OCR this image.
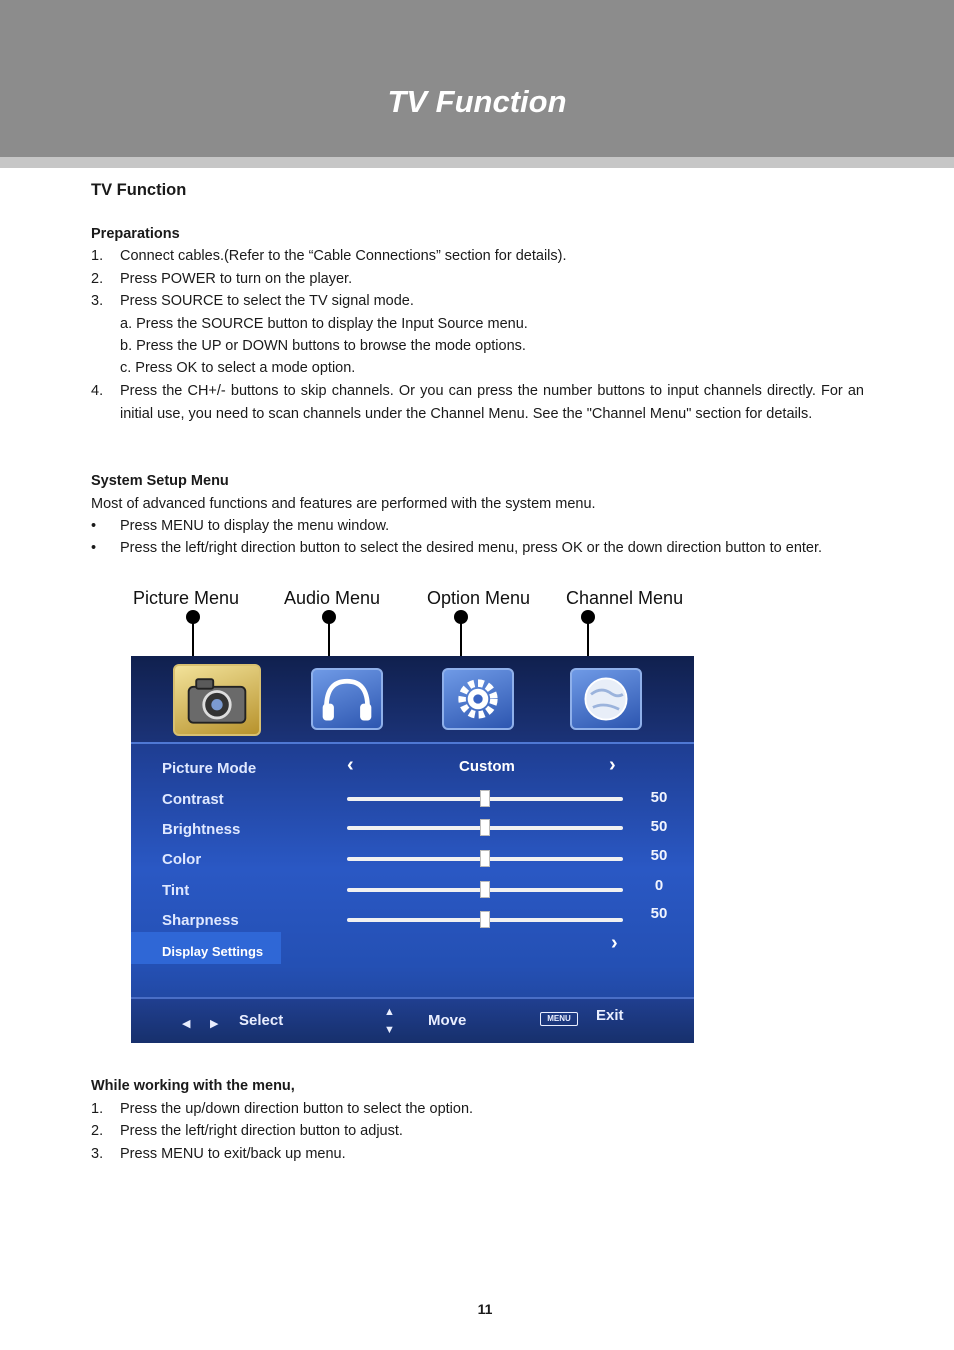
TV Function
TV Function
Preparations
1. Connect cables.(Refer to the “Cable Connections” section for details).
2. Press POWER to turn on the player.
3. Press SOURCE to select the TV signal mode.
a. Press the SOURCE button to display the Input Source menu.
b. Press the UP or DOWN buttons to browse the mode options.
c. Press OK to select a mode option.
4. Press the CH+/- buttons to skip channels. Or you can press the number buttons to input channels directly. For an initial use, you need to scan channels under the Channel Menu. See the "Channel Menu" section for details.
System Setup Menu
Most of advanced functions and features are performed with the system menu.
• Press MENU to display the menu window.
• Press the left/right direction button to select the desired menu, press OK or the down direction button to enter.
Picture Menu Audio Menu	Option Menu Channel Menu
Picture Mode	‹	Custom	›
Contrast	50
Brightness	50
Color	50
Tint	0
Sharpness	50
Display Settings	›
◀ ▶ Select	▲
▼
Move	MENU	Exit
While working with the menu,
1. Press the up/down direction button to select the option.
2. Press the left/right direction button to adjust.
3. Press MENU to exit/back up menu.
11
